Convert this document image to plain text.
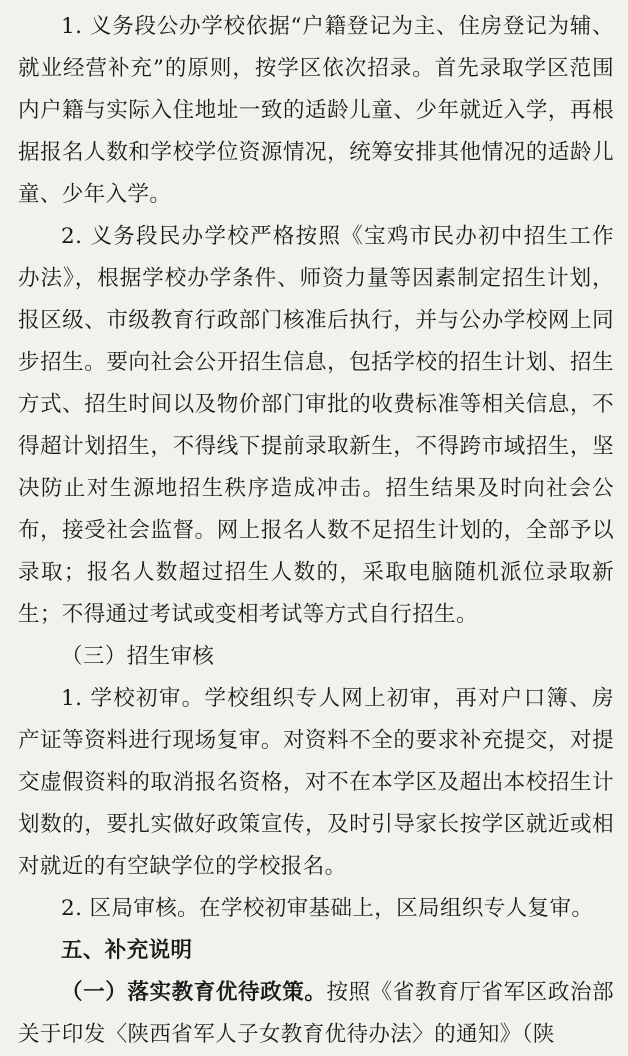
1. 义务段公办学校依据“户籍登记为主、住房登记为辅、就业经营补充”的原则，按学区依次招录。首先录取学区范围内户籍与实际入住地址一致的适龄儿童、少年就近入学，再根据报名人数和学校学位资源情况，统筹安排其他情况的适龄儿童、少年入学。

2. 义务段民办学校严格按照《宝鸡市民办初中招生工作办法》，根据学校办学条件、师资力量等因素制定招生计划，报区级、市级教育行政部门核准后执行，并与公办学校网上同步招生。要向社会公开招生信息，包括学校的招生计划、招生方式、招生时间以及物价部门审批的收费标准等相关信息，不得超计划招生，不得线下提前录取新生，不得跨市域招生，坚决防止对生源地招生秩序造成冲击。招生结果及时向社会公布，接受社会监督。网上报名人数不足招生计划的，全部予以录取；报名人数超过招生人数的，采取电脑随机派位录取新生；不得通过考试或变相考试等方式自行招生。

（三）招生审核

1. 学校初审。学校组织专人网上初审，再对户口簿、房产证等资料进行现场复审。对资料不全的要求补充提交，对提交虚假资料的取消报名资格，对不在本学区及超出本校招生计划数的，要扎实做好政策宣传，及时引导家长按学区就近或相对就近的有空缺学位的学校报名。

2. 区局审核。在学校初审基础上，区局组织专人复审。

五、补充说明

（一）落实教育优待政策。按照《省教育厅省军区政治部关于印发〈陕西省军人子女教育优待办法〉的通知》（陕
